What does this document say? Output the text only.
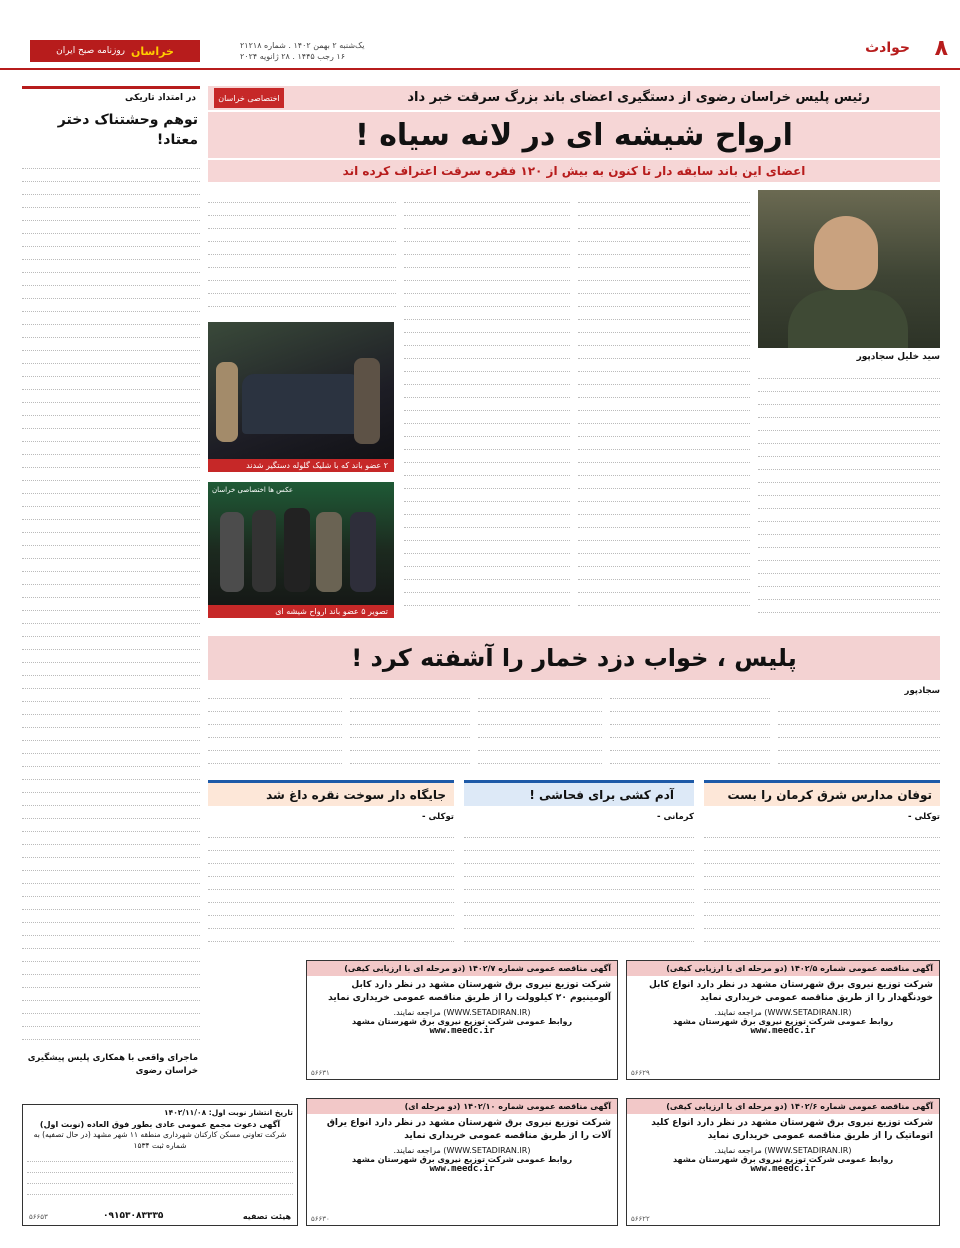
۸
حوادث
یک‌شنبه ۲ بهمن ۱۴۰۲ . شماره ۲۱۲۱۸
۱۶ رجب ۱۴۴۵ . ۲۸ ژانویه ۲۰۲۴
خراسان
روزنامه صبح ایران
در امتداد تاریکی
توهم وحشتناک دختر معتاد!
ماجرای واقعی با همکاری پلیس پیشگیری خراسان رضوی
رئیس پلیس خراسان رضوی از دستگیری اعضای باند بزرگ سرقت خبر داد
اختصاصی خراسان
ارواح شیشه ای در لانه سیاه !
اعضای این باند سابقه دار تا کنون به بیش از ۱۲۰ فقره سرقت اعتراف کرده اند
سید خلیل سجادپور
۲ عضو باند که با شلیک گلوله دستگیر شدند
عکس ها اختصاصی خراسان
تصویر ۵ عضو باند ارواح شیشه ای
پلیس ، خواب دزد خمار را آشفته کرد !
سجادپور
توفان مدارس شرق کرمان را بست
توکلی -
آدم کشی برای فحاشی !
کرمانی -
جایگاه دار سوخت نقره داغ شد
توکلی -
آگهی مناقصه عمومی شماره ۱۴۰۲/۵ (دو مرحله ای با ارزیابی کیفی)
شرکت توزیع نیروی برق شهرستان مشهد در نظر دارد انواع کابل خودنگهدار را از طریق مناقصه عمومی خریداری نماید
(WWW.SETADIRAN.IR) مراجعه نمایند.
روابط عمومی شرکت توزیع نیروی برق شهرستان مشهد
www.meedc.ir
۵۶۶۲۹
آگهی مناقصه عمومی شماره ۱۴۰۲/۷ (دو مرحله ای با ارزیابی کیفی)
شرکت توزیع نیروی برق شهرستان مشهد در نظر دارد کابل آلومینیوم ۲۰ کیلوولت را از طریق مناقصه عمومی خریداری نماید
(WWW.SETADIRAN.IR) مراجعه نمایند.
روابط عمومی شرکت توزیع نیروی برق شهرستان مشهد
www.meedc.ir
۵۶۶۳۱
آگهی مناقصه عمومی شماره ۱۴۰۲/۶ (دو مرحله ای با ارزیابی کیفی)
شرکت توزیع نیروی برق شهرستان مشهد در نظر دارد انواع کلید اتوماتیک را از طریق مناقصه عمومی خریداری نماید
(WWW.SETADIRAN.IR) مراجعه نمایند.
روابط عمومی شرکت توزیع نیروی برق شهرستان مشهد
www.meedc.ir
۵۶۶۲۲
آگهی مناقصه عمومی شماره ۱۴۰۲/۱۰ (دو مرحله ای)
شرکت توزیع نیروی برق شهرستان مشهد در نظر دارد انواع یراق آلات را از طریق مناقصه عمومی خریداری نماید
(WWW.SETADIRAN.IR) مراجعه نمایند.
روابط عمومی شرکت توزیع نیروی برق شهرستان مشهد
www.meedc.ir
۵۶۶۳۰
تاریخ انتشار نوبت اول: ۱۴۰۲/۱۱/۰۸
آگهی دعوت مجمع عمومی عادی بطور فوق العاده (نوبت اول)
شرکت تعاونی مسکن کارکنان شهرداری منطقه ۱۱ شهر مشهد (در حال تصفیه) به شماره ثبت ۱۵۳۴
هیئت تصفیه
۰۹۱۵۳۰۸۳۳۳۵
۵۶۶۵۳
